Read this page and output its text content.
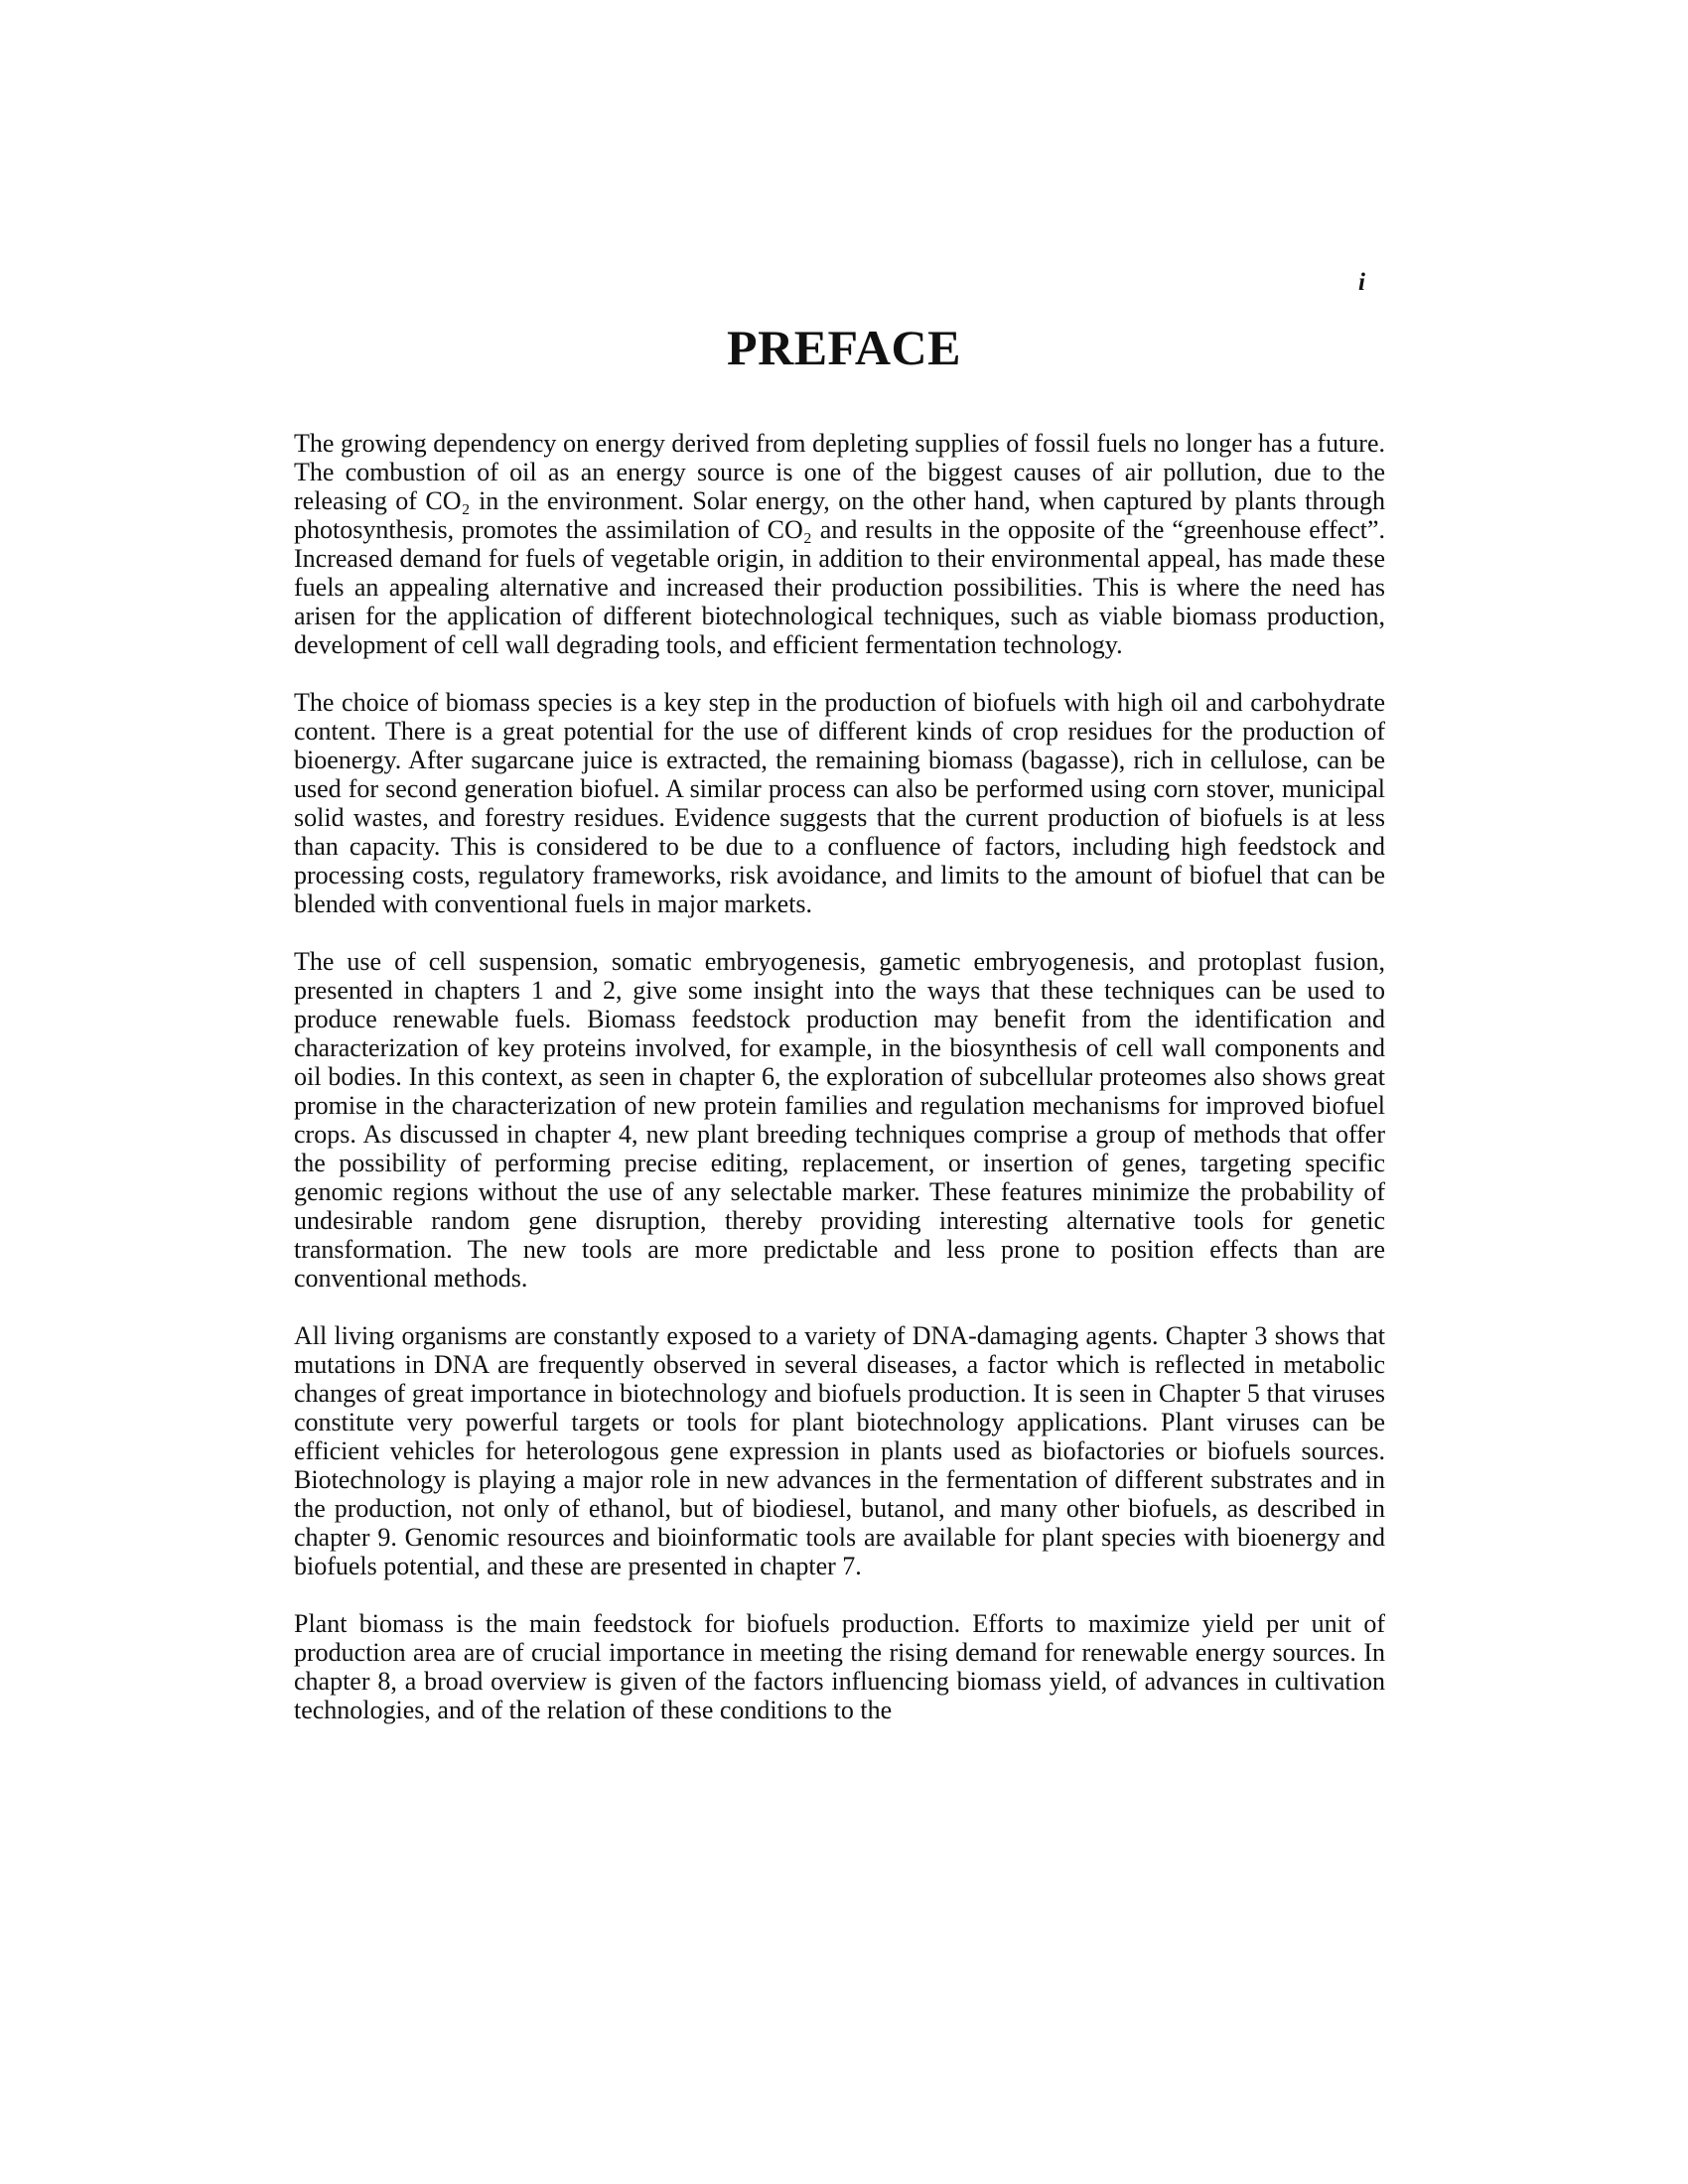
i
PREFACE

The growing dependency on energy derived from depleting supplies of fossil fuels no longer has a future. The combustion of oil as an energy source is one of the biggest causes of air pollution, due to the releasing of CO₂ in the environment. Solar energy, on the other hand, when captured by plants through photosynthesis, promotes the assimilation of CO₂ and results in the opposite of the “greenhouse effect”. Increased demand for fuels of vegetable origin, in addition to their environmental appeal, has made these fuels an appealing alternative and increased their production possibilities. This is where the need has arisen for the application of different biotechnological techniques, such as viable biomass production, development of cell wall degrading tools, and efficient fermentation technology.

The choice of biomass species is a key step in the production of biofuels with high oil and carbohydrate content. There is a great potential for the use of different kinds of crop residues for the production of bioenergy. After sugarcane juice is extracted, the remaining biomass (bagasse), rich in cellulose, can be used for second generation biofuel. A similar process can also be performed using corn stover, municipal solid wastes, and forestry residues. Evidence suggests that the current production of biofuels is at less than capacity. This is considered to be due to a confluence of factors, including high feedstock and processing costs, regulatory frameworks, risk avoidance, and limits to the amount of biofuel that can be blended with conventional fuels in major markets.

The use of cell suspension, somatic embryogenesis, gametic embryogenesis, and protoplast fusion, presented in chapters 1 and 2, give some insight into the ways that these techniques can be used to produce renewable fuels. Biomass feedstock production may benefit from the identification and characterization of key proteins involved, for example, in the biosynthesis of cell wall components and oil bodies. In this context, as seen in chapter 6, the exploration of subcellular proteomes also shows great promise in the characterization of new protein families and regulation mechanisms for improved biofuel crops. As discussed in chapter 4, new plant breeding techniques comprise a group of methods that offer the possibility of performing precise editing, replacement, or insertion of genes, targeting specific genomic regions without the use of any selectable marker. These features minimize the probability of undesirable random gene disruption, thereby providing interesting alternative tools for genetic transformation. The new tools are more predictable and less prone to position effects than are conventional methods.

All living organisms are constantly exposed to a variety of DNA-damaging agents. Chapter 3 shows that mutations in DNA are frequently observed in several diseases, a factor which is reflected in metabolic changes of great importance in biotechnology and biofuels production. It is seen in Chapter 5 that viruses constitute very powerful targets or tools for plant biotechnology applications. Plant viruses can be efficient vehicles for heterologous gene expression in plants used as biofactories or biofuels sources. Biotechnology is playing a major role in new advances in the fermentation of different substrates and in the production, not only of ethanol, but of biodiesel, butanol, and many other biofuels, as described in chapter 9. Genomic resources and bioinformatic tools are available for plant species with bioenergy and biofuels potential, and these are presented in chapter 7.

Plant biomass is the main feedstock for biofuels production. Efforts to maximize yield per unit of production area are of crucial importance in meeting the rising demand for renewable energy sources. In chapter 8, a broad overview is given of the factors influencing biomass yield, of advances in cultivation technologies, and of the relation of these conditions to the
